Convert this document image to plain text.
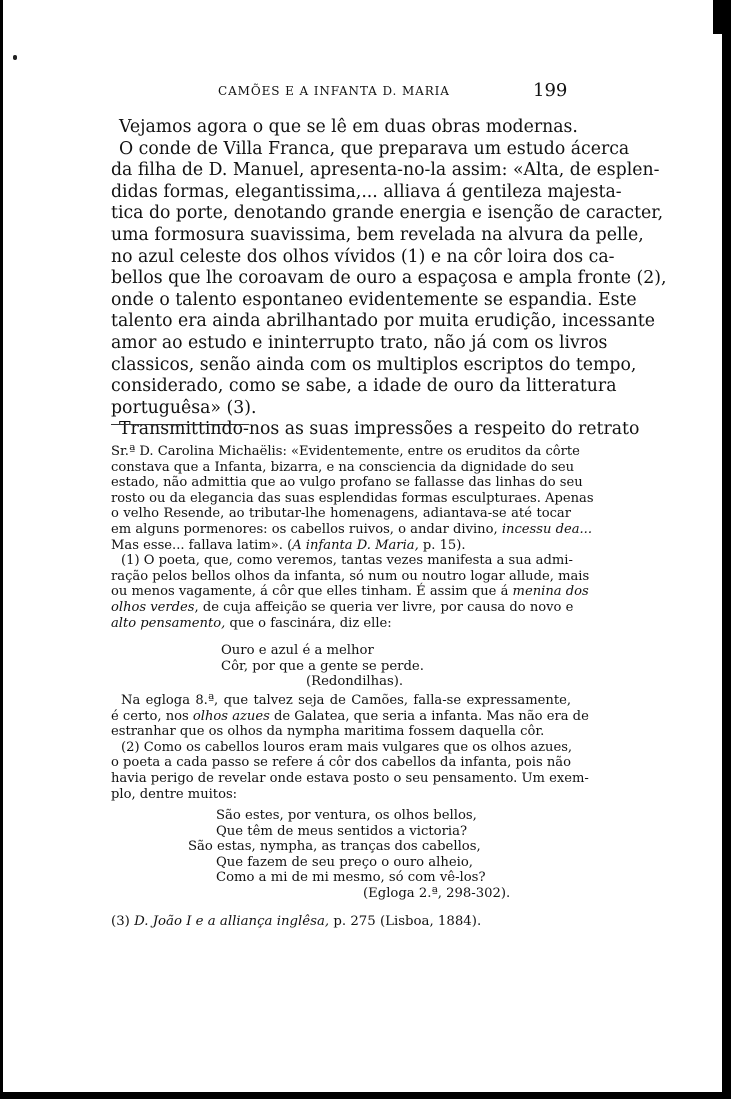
CAMÕES E A INFANTA D. MARIA	199
Vejamos agora o que se lê em duas obras modernas.
O conde de Villa Franca, que preparava um estudo ácerca
da filha de D. Manuel, apresenta-no-la assim: «Alta, de esplen-
didas formas, elegantissima,... alliava á gentileza majesta-
tica do porte, denotando grande energia e isenção de caracter,
uma formosura suavissima, bem revelada na alvura da pelle,
no azul celeste dos olhos vívidos (1) e na côr loira dos ca-
bellos que lhe coroavam de ouro a espaçosa e ampla fronte (2),
onde o talento espontaneo evidentemente se espandia. Este
talento era ainda abrilhantado por muita erudição, incessante
amor ao estudo e ininterrupto trato, não já com os livros
classicos, senão ainda com os multiplos escriptos do tempo,
considerado, como se sabe, a idade de ouro da litteratura
portuguêsa» (3).
Transmittindo-nos as suas impressões a respeito do retrato
Sr.ª D. Carolina Michaëlis: «Evidentemente, entre os eruditos da côrte
constava que a Infanta, bizarra, e na consciencia da dignidade do seu
estado, não admittia que ao vulgo profano se fallasse das linhas do seu
rosto ou da elegancia das suas esplendidas formas esculpturaes. Apenas
o velho Resende, ao tributar-lhe homenagens, adiantava-se até tocar
em alguns pormenores: os cabellos ruivos, o andar divino, incessu dea...
Mas esse... fallava latim». (A infanta D. Maria, p. 15).
(1) O poeta, que, como veremos, tantas vezes manifesta a sua admi-
ração pelos bellos olhos da infanta, só num ou noutro logar allude, mais
ou menos vagamente, á côr que elles tinham. É assim que á menina dos
olhos verdes, de cuja affeição se queria ver livre, por causa do novo e
alto pensamento, que o fascinára, diz elle:
Ouro e azul é a melhor
Côr, por que a gente se perde.
(Redondilhas).
Na egloga 8.ª, que talvez seja de Camões, falla-se expressamente,
é certo, nos olhos azues de Galatea, que seria a infanta. Mas não era de
estranhar que os olhos da nympha maritima fossem daquella côr.
(2) Como os cabellos louros eram mais vulgares que os olhos azues,
o poeta a cada passo se refere á côr dos cabellos da infanta, pois não
havia perigo de revelar onde estava posto o seu pensamento. Um exem-
plo, dentre muitos:
São estes, por ventura, os olhos bellos,
Que têm de meus sentidos a victoria?
São estas, nympha, as tranças dos cabellos,
Que fazem de seu preço o ouro alheio,
Como a mi de mi mesmo, só com vê-los?
(Egloga 2.ª, 298-302).
(3) D. João I e a alliança inglêsa, p. 275 (Lisboa, 1884).
